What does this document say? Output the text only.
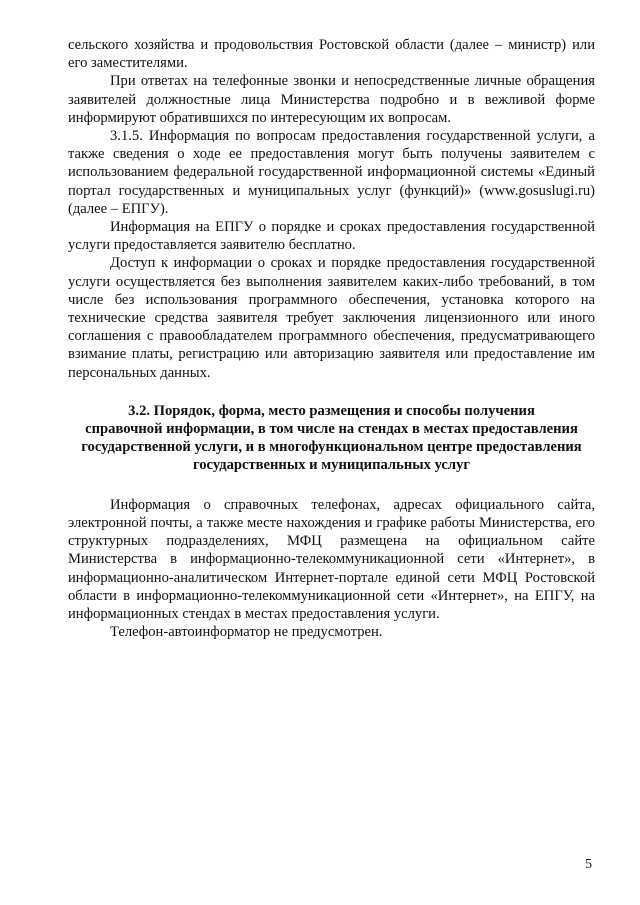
сельского хозяйства и продовольствия Ростовской области (далее – министр) или его заместителями.

При ответах на телефонные звонки и непосредственные личные обращения заявителей должностные лица Министерства подробно и в вежливой форме информируют обратившихся по интересующим их вопросам.

3.1.5. Информация по вопросам предоставления государственной услуги, а также сведения о ходе ее предоставления могут быть получены заявителем с использованием федеральной государственной информационной системы «Единый портал государственных и муниципальных услуг (функций)» (www.gosuslugi.ru) (далее – ЕПГУ).

Информация на ЕПГУ о порядке и сроках предоставления государственной услуги предоставляется заявителю бесплатно.

Доступ к информации о сроках и порядке предоставления государственной услуги осуществляется без выполнения заявителем каких-либо требований, в том числе без использования программного обеспечения, установка которого на технические средства заявителя требует заключения лицензионного или иного соглашения с правообладателем программного обеспечения, предусматривающего взимание платы, регистрацию или авторизацию заявителя или предоставление им персональных данных.

3.2. Порядок, форма, место размещения и способы получения
справочной информации, в том числе на стендах в местах предоставления
государственной услуги, и в многофункциональном центре предоставления
государственных и муниципальных услуг

Информация о справочных телефонах, адресах официального сайта, электронной почты, а также месте нахождения и графике работы Министерства, его структурных подразделениях, МФЦ размещена на официальном сайте Министерства в информационно-телекоммуникационной сети «Интернет», в информационно-аналитическом Интернет-портале единой сети МФЦ Ростовской области в информационно-телекоммуникационной сети «Интернет», на ЕПГУ, на информационных стендах в местах предоставления услуги.

Телефон-автоинформатор не предусмотрен.

5
